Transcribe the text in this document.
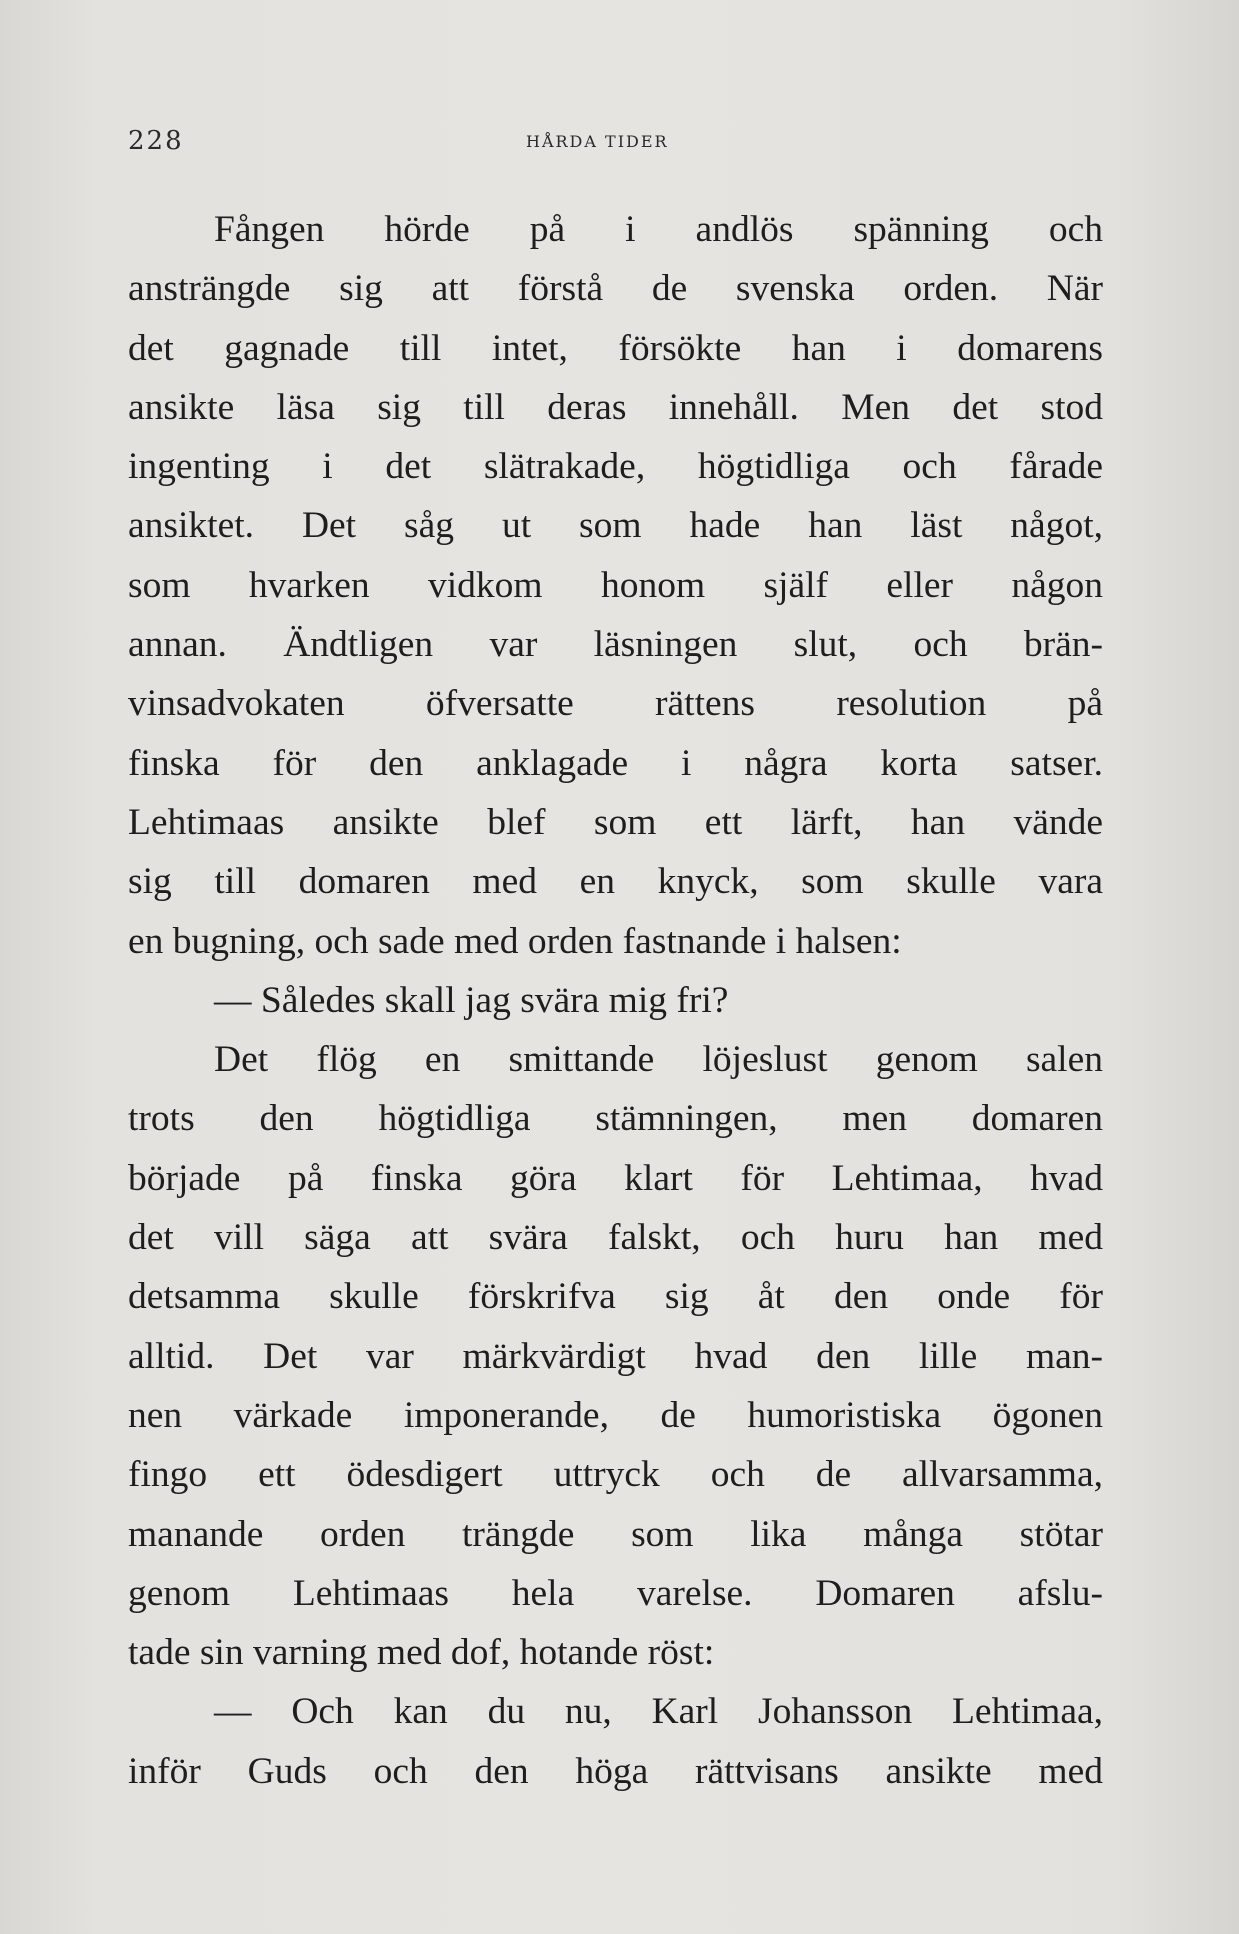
228	HÅRDA TIDER
Fången hörde på i andlös spänning och
ansträngde sig att förstå de svenska orden. När
det gagnade till intet, försökte han i domarens
ansikte läsa sig till deras innehåll. Men det stod
ingenting i det slätrakade, högtidliga och fårade
ansiktet. Det såg ut som hade han läst något,
som hvarken vidkom honom själf eller någon
annan. Ändtligen var läsningen slut, och brän-
vinsadvokaten öfversatte rättens resolution på
finska för den anklagade i några korta satser.
Lehtimaas ansikte blef som ett lärft, han vände
sig till domaren med en knyck, som skulle vara
en bugning, och sade med orden fastnande i halsen:
— Således skall jag svära mig fri?
Det flög en smittande löjeslust genom salen
trots den högtidliga stämningen, men domaren
började på finska göra klart för Lehtimaa, hvad
det vill säga att svära falskt, och huru han med
detsamma skulle förskrifva sig åt den onde för
alltid. Det var märkvärdigt hvad den lille man-
nen värkade imponerande, de humoristiska ögonen
fingo ett ödesdigert uttryck och de allvarsamma,
manande orden trängde som lika många stötar
genom Lehtimaas hela varelse. Domaren afslu-
tade sin varning med dof, hotande röst:
— Och kan du nu, Karl Johansson Lehtimaa,
inför Guds och den höga rättvisans ansikte med
